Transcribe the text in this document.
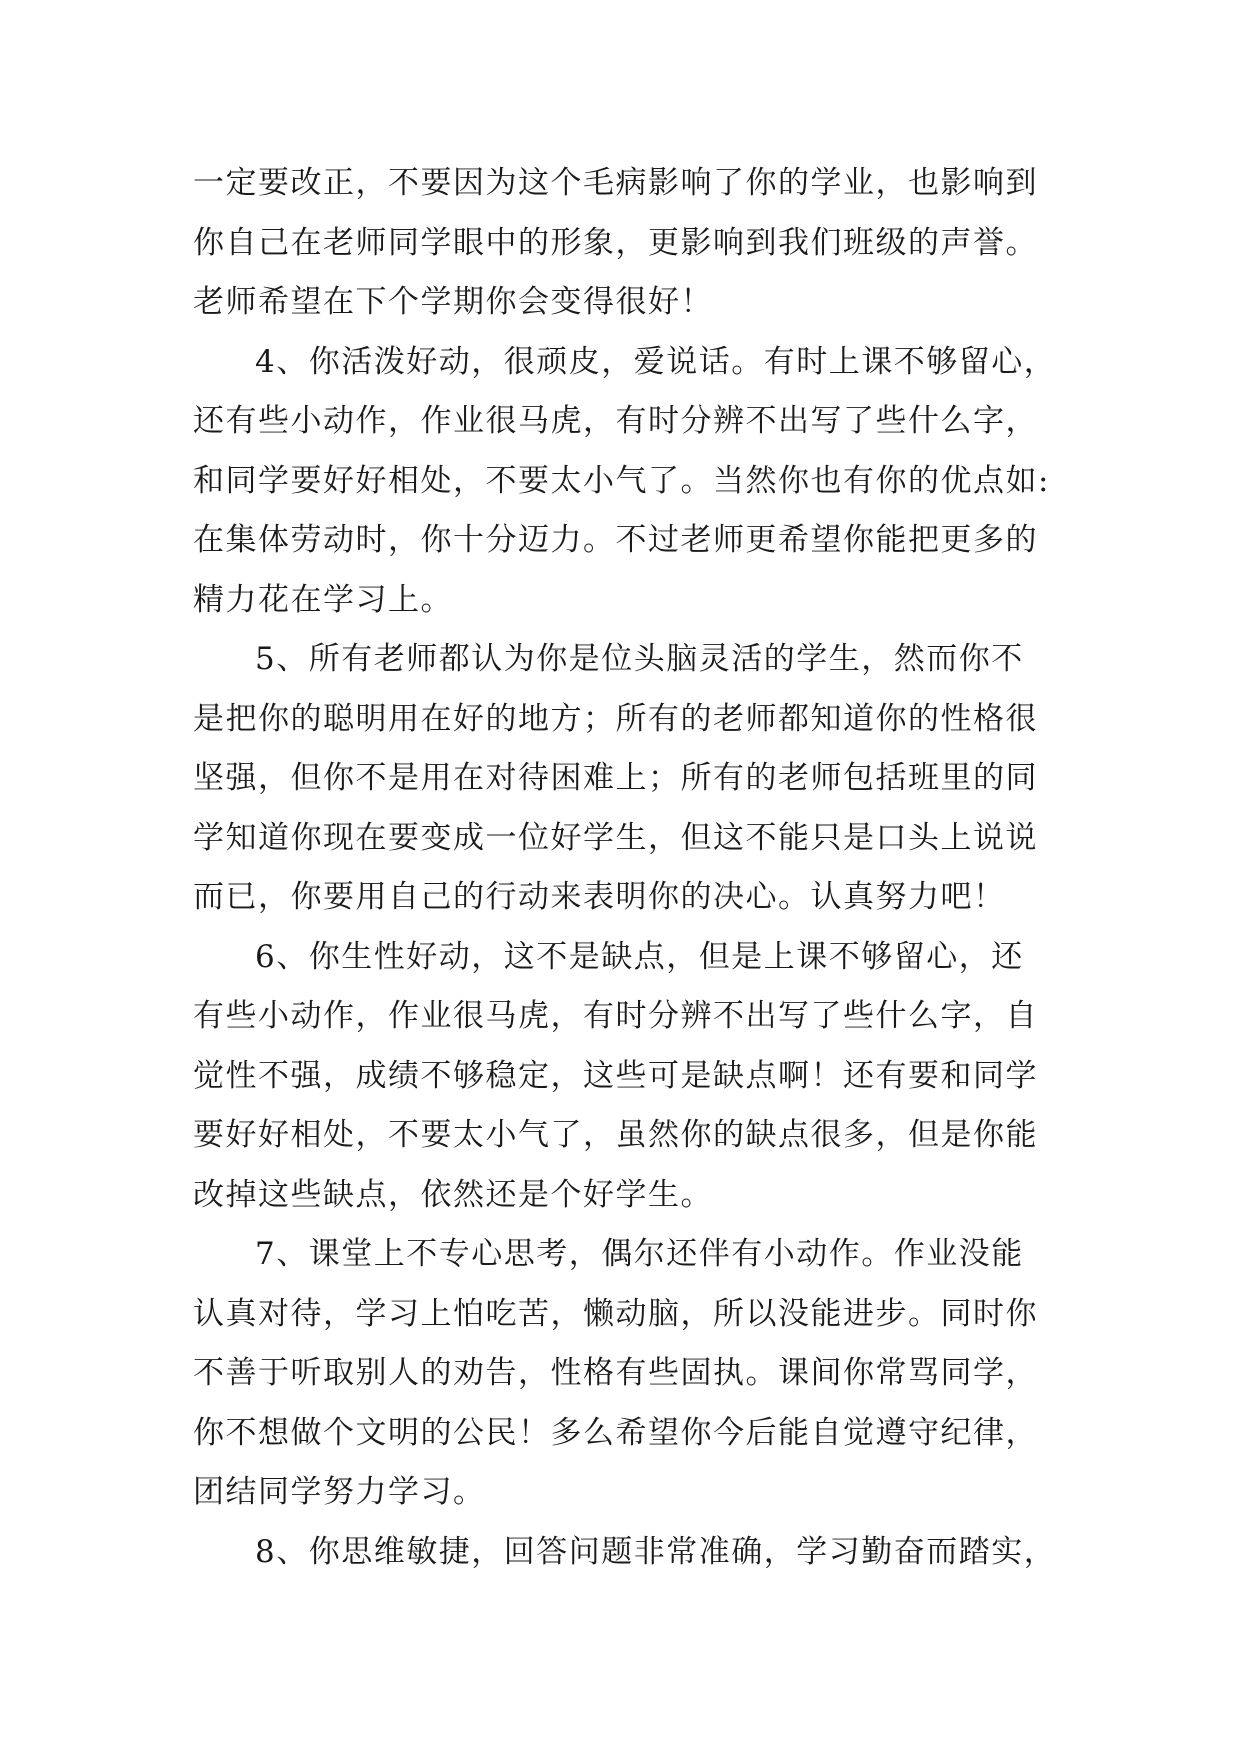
一定要改正，不要因为这个毛病影响了你的学业，也影响到
你自己在老师同学眼中的形象，更影响到我们班级的声誉。
老师希望在下个学期你会变得很好！
4、你活泼好动，很顽皮，爱说话。有时上课不够留心，
还有些小动作，作业很马虎，有时分辨不出写了些什么字，
和同学要好好相处，不要太小气了。当然你也有你的优点如:
在集体劳动时，你十分迈力。不过老师更希望你能把更多的
精力花在学习上。
5、所有老师都认为你是位头脑灵活的学生，然而你不
是把你的聪明用在好的地方；所有的老师都知道你的性格很
坚强，但你不是用在对待困难上；所有的老师包括班里的同
学知道你现在要变成一位好学生，但这不能只是口头上说说
而已，你要用自己的行动来表明你的决心。认真努力吧！
6、你生性好动，这不是缺点，但是上课不够留心，还
有些小动作，作业很马虎，有时分辨不出写了些什么字，自
觉性不强，成绩不够稳定，这些可是缺点啊！还有要和同学
要好好相处，不要太小气了，虽然你的缺点很多，但是你能
改掉这些缺点，依然还是个好学生。
7、课堂上不专心思考，偶尔还伴有小动作。作业没能
认真对待，学习上怕吃苦，懒动脑，所以没能进步。同时你
不善于听取别人的劝告，性格有些固执。课间你常骂同学，
你不想做个文明的公民！多么希望你今后能自觉遵守纪律，
团结同学努力学习。
8、你思维敏捷，回答问题非常准确，学习勤奋而踏实，
